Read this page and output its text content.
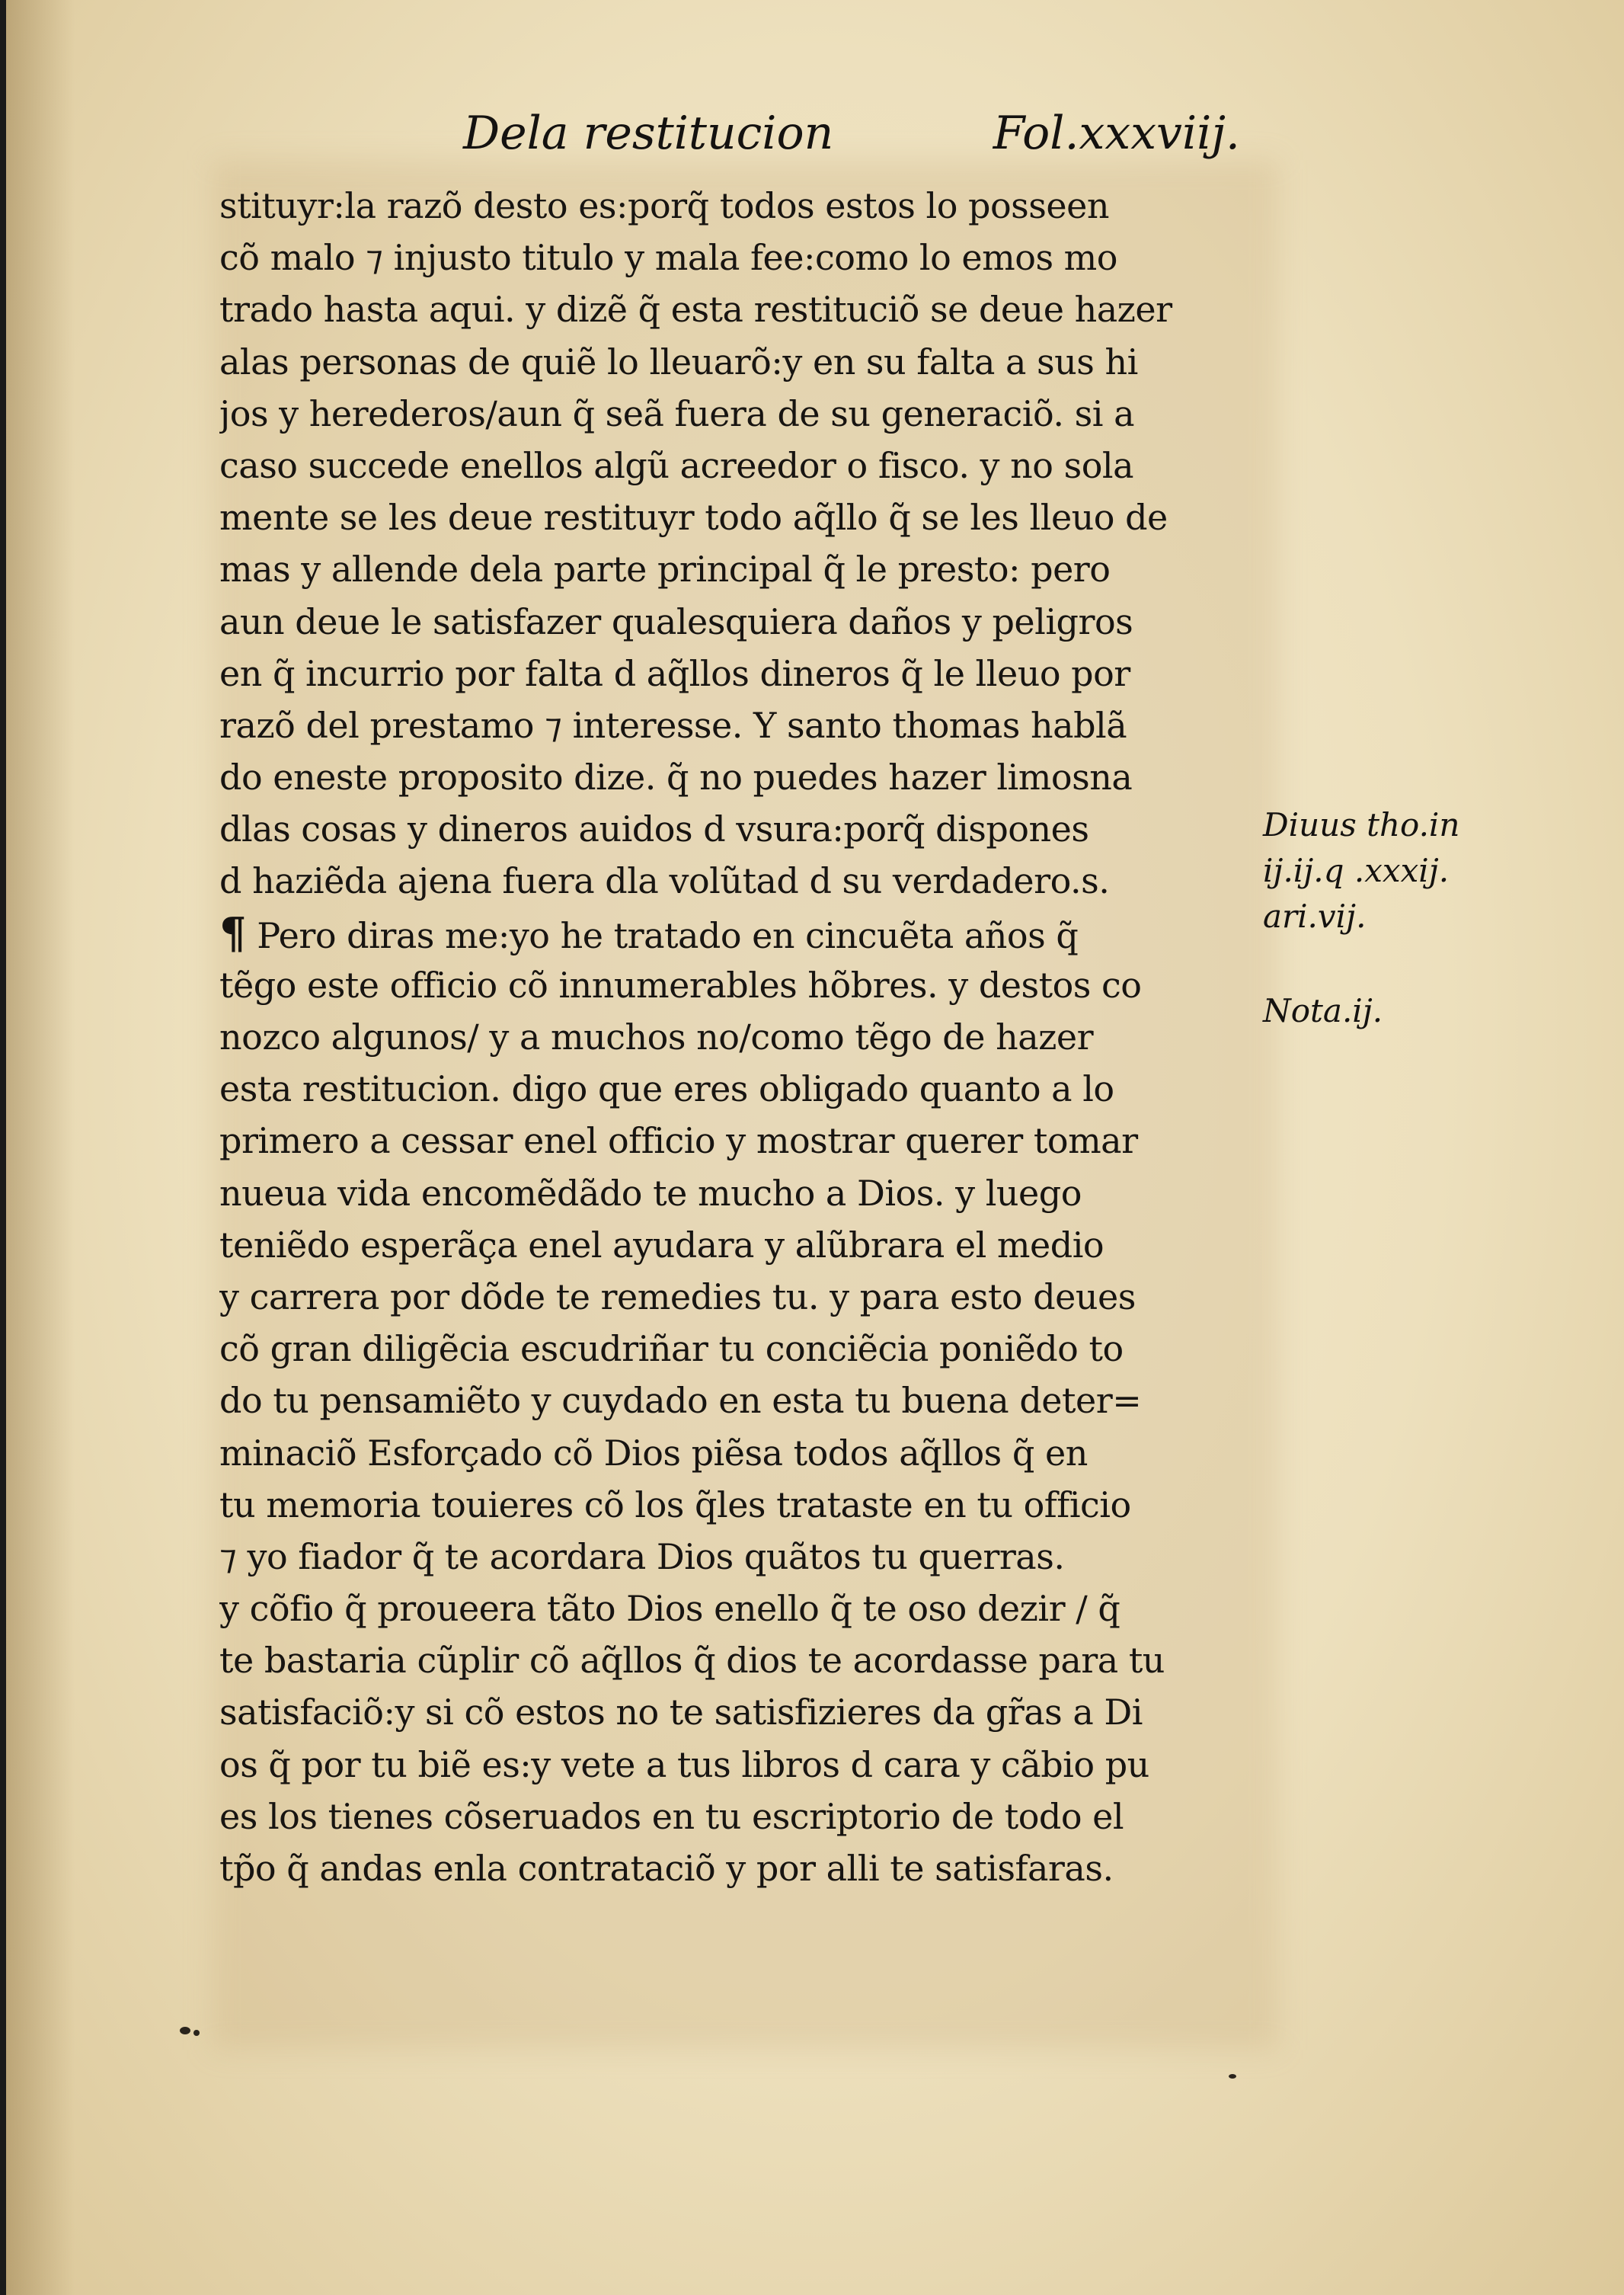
Dela restitucion	Fol.xxxviij.
stituyr:la razõ desto es:porq̃ todos estos lo posseen
cõ malo ⁊ injusto titulo y mala fee:como lo emos mo
trado hasta aqui. y dizẽ q̃ esta restituciõ se deue hazer
alas personas de quiẽ lo lleuarõ:y en su falta a sus hi
jos y herederos/aun q̃ seã fuera de su generaciõ. si a
caso succede enellos algũ acreedor o fisco. y no sola
mente se les deue restituyr todo aq̃llo q̃ se les lleuo de
mas y allende dela parte principal q̃ le presto: pero
aun deue le satisfazer qualesquiera daños y peligros
en q̃ incurrio por falta d aq̃llos dineros q̃ le lleuo por
razõ del prestamo ⁊ interesse. Y santo thomas hablã
do eneste proposito dize. q̃ no puedes hazer limosna
dlas cosas y dineros auidos d vsura:porq̃ dispones
d haziẽda ajena fuera dla volũtad d su verdadero.s.
¶ Pero diras me:yo he tratado en cincuẽta años q̃
tẽgo este officio cõ innumerables hõbres. y destos co
nozco algunos/ y a muchos no/como tẽgo de hazer
esta restitucion. digo que eres obligado quanto a lo
primero a cessar enel officio y mostrar querer tomar
nueua vida encomẽdãdo te mucho a Dios. y luego
teniẽdo esperãça enel ayudara y alũbrara el medio
y carrera por dõde te remedies tu. y para esto deues
cõ gran diligẽcia escudriñar tu conciẽcia poniẽdo to
do tu pensamiẽto y cuydado en esta tu buena deter=
minaciõ Esforçado cõ Dios piẽsa todos aq̃llos q̃ en
tu memoria touieres cõ los q̃les trataste en tu officio
⁊ yo fiador q̃ te acordara Dios quãtos tu querras.
y cõfio q̃ proueera tãto Dios enello q̃ te oso dezir / q̃
te bastaria cũplir cõ aq̃llos q̃ dios te acordasse para tu
satisfaciõ:y si cõ estos no te satisfizieres da gr̃as a Di
os q̃ por tu biẽ es:y vete a tus libros d cara y cãbio pu
es los tienes cõseruados en tu escriptorio de todo el
tp̃o q̃ andas enla contrataciõ y por alli te satisfaras.
Diuus tho.in
ij.ij.q .xxxij.
ari.vij.
Nota.ij.
